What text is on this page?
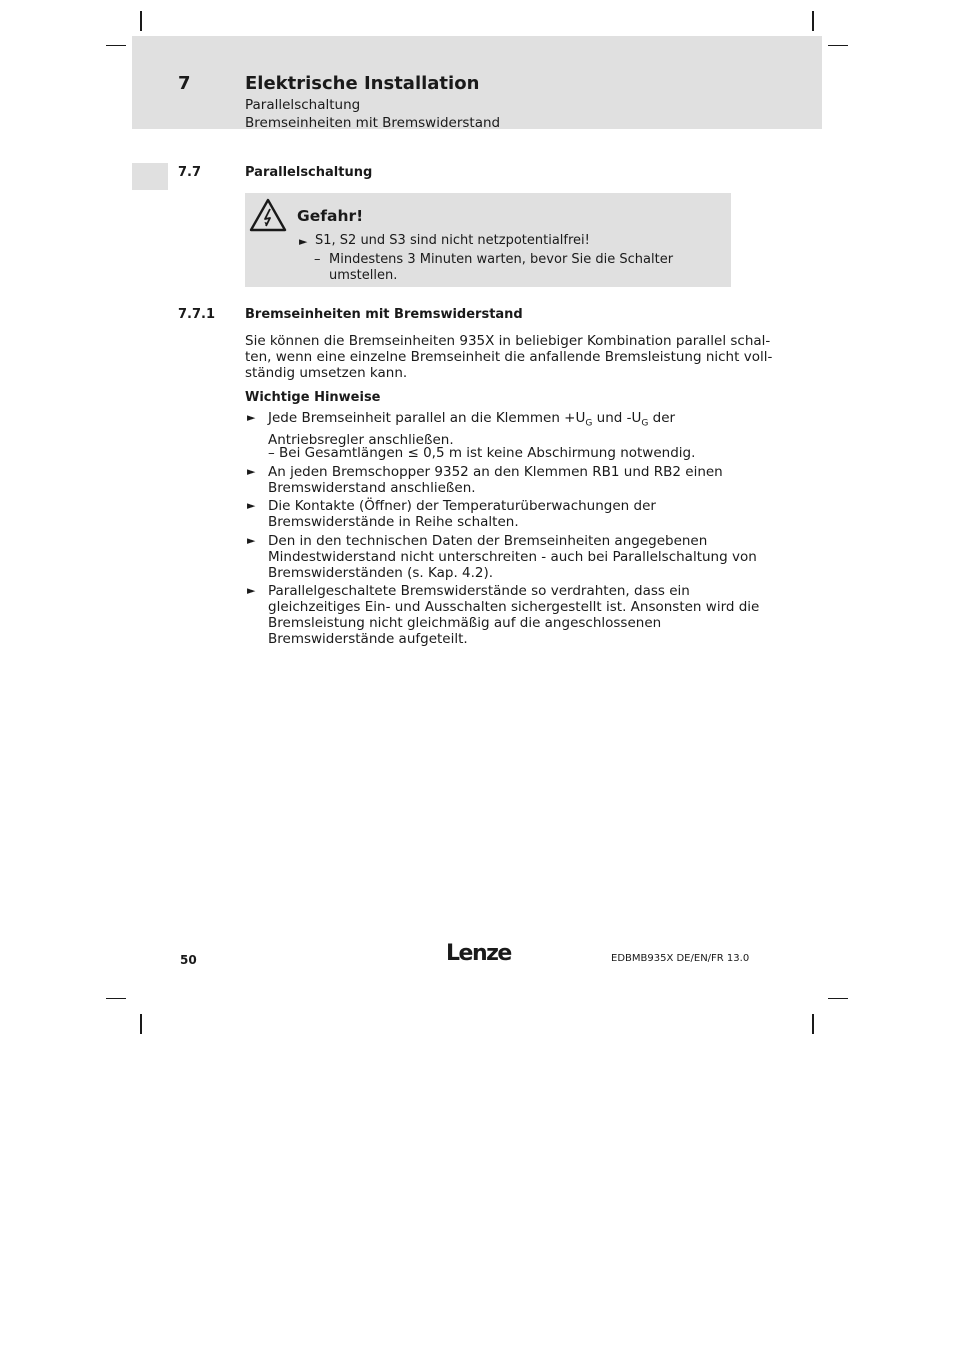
7	Elektrische Installation
Parallelschaltung
Bremseinheiten mit Bremswiderstand
7.7	Parallelschaltung
Gefahr!
► S1, S2 und S3 sind nicht netzpotentialfrei!
– Mindestens 3 Minuten warten, bevor Sie die Schalter
umstellen.
7.7.1 Bremseinheiten mit Bremswiderstand
Sie können die Bremseinheiten 935X in beliebiger Kombination parallel schal-
ten, wenn eine einzelne Bremseinheit die anfallende Bremsleistung nicht voll-
ständig umsetzen kann.
Wichtige Hinweise
► Jede Bremseinheit parallel an die Klemmen $+U_G$ und $-U_G$ der
Antriebsregler anschließen.
– Bei Gesamtlängen ≤ 0,5 m ist keine Abschirmung notwendig.
► An jeden Bremschopper 9352 an den Klemmen RB1 und RB2 einen
Bremswiderstand anschließen.
► Die Kontakte (Öffner) der Temperaturüberwachungen der
Bremswiderstände in Reihe schalten.
► Den in den technischen Daten der Bremseinheiten angegebenen
Mindestwiderstand nicht unterschreiten - auch bei Parallelschaltung von
Bremswiderständen (s. Kap. 4.2).
► Parallelgeschaltete Bremswiderstände so verdrahten, dass ein
gleichzeitiges Ein- und Ausschalten sichergestellt ist. Ansonsten wird die
Bremsleistung nicht gleichmäßig auf die angeschlossenen
Bremswiderstände aufgeteilt.
50	Lenze	EDBMB935X DE/EN/FR 13.0
